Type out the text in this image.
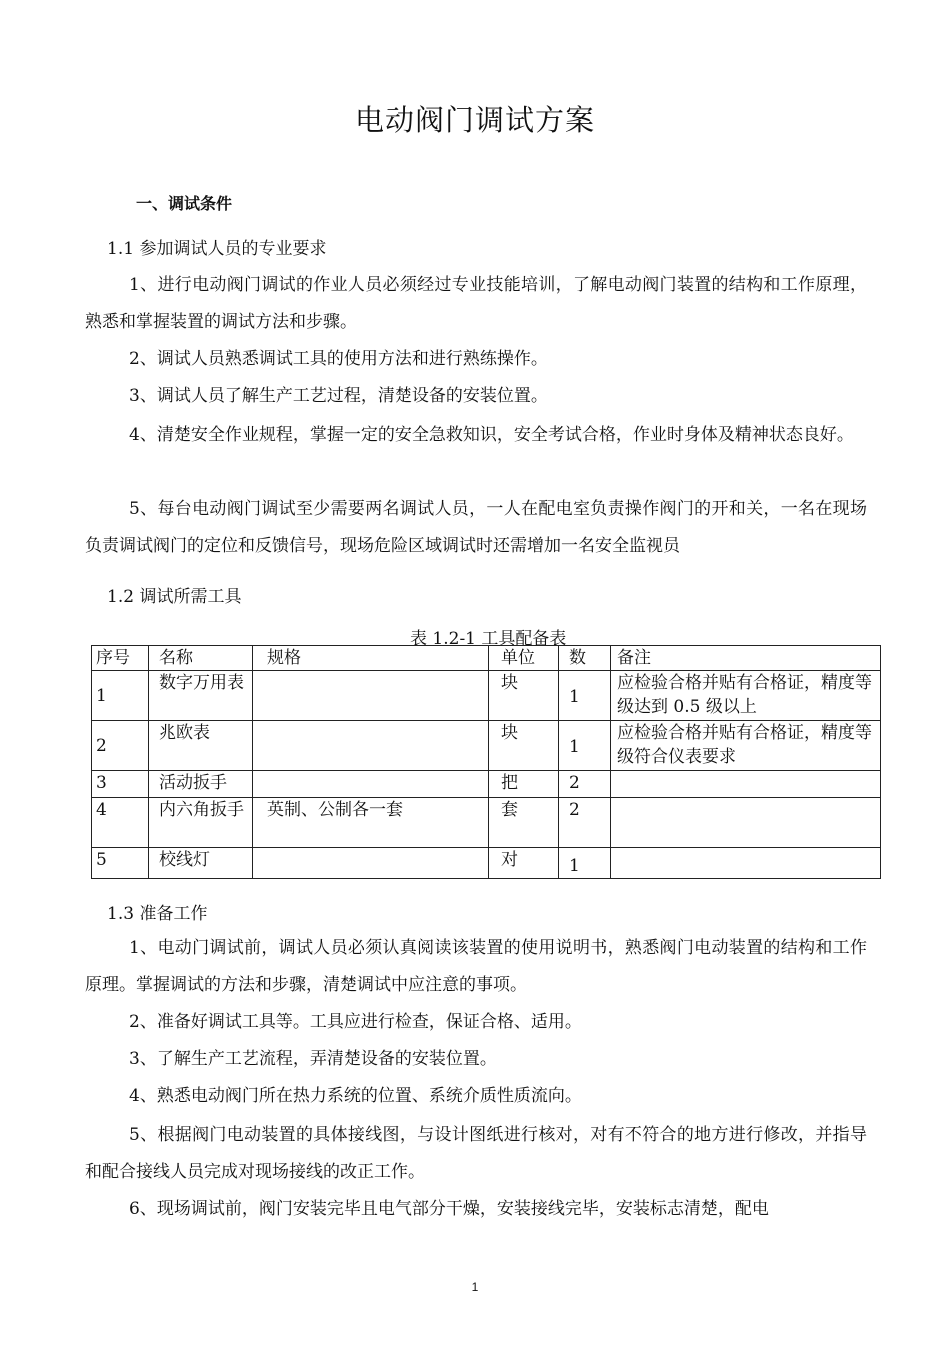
电动阀门调试方案
一、调试条件
1.1 参加调试人员的专业要求
1、进行电动阀门调试的作业人员必须经过专业技能培训，了解电动阀门装置的结构和工作原理，熟悉和掌握装置的调试方法和步骤。
2、调试人员熟悉调试工具的使用方法和进行熟练操作。
3、调试人员了解生产工艺过程，清楚设备的安装位置。
4、清楚安全作业规程，掌握一定的安全急救知识，安全考试合格，作业时身体及精神状态良好。
5、每台电动阀门调试至少需要两名调试人员，一人在配电室负责操作阀门的开和关，一名在现场负责调试阀门的定位和反馈信号，现场危险区域调试时还需增加一名安全监视员
1.2 调试所需工具
表 1.2-1 工具配备表
序号	名称	规格	单位	数	备注
1	数字万用表		块	1	应检验合格并贴有合格证，精度等级达到 0.5 级以上
2	兆欧表		块	1	应检验合格并贴有合格证，精度等级符合仪表要求
3	活动扳手		把	2	
4	内六角扳手	英制、公制各一套	套	2	
5	校线灯		对	1	

1.3 准备工作
1、电动门调试前，调试人员必须认真阅读该装置的使用说明书，熟悉阀门电动装置的结构和工作原理。掌握调试的方法和步骤，清楚调试中应注意的事项。
2、准备好调试工具等。工具应进行检查，保证合格、适用。
3、了解生产工艺流程，弄清楚设备的安装位置。
4、熟悉电动阀门所在热力系统的位置、系统介质性质流向。
5、根据阀门电动装置的具体接线图，与设计图纸进行核对，对有不符合的地方进行修改，并指导和配合接线人员完成对现场接线的改正工作。
6、现场调试前，阀门安装完毕且电气部分干燥，安装接线完毕，安装标志清楚，配电
1
